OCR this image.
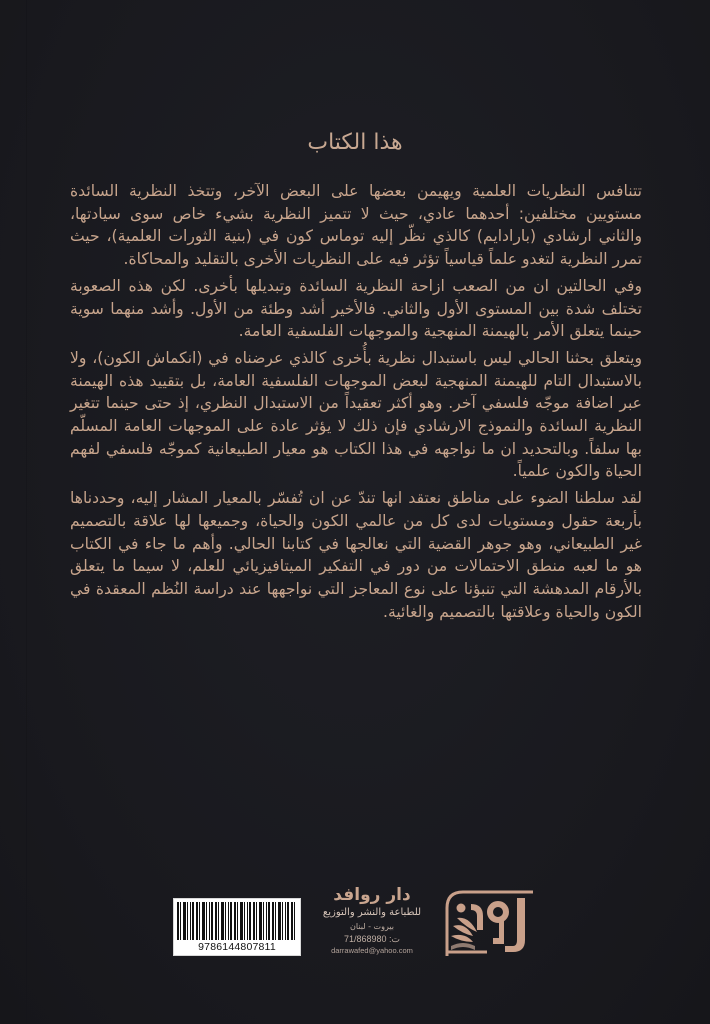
هذا الكتاب

تتنافس النظريات العلمية ويهيمن بعضها على البعض الآخر، وتتخذ النظرية السائدة مستويين مختلفين: أحدهما عادي، حيث لا تتميز النظرية بشيء خاص سوى سيادتها، والثاني ارشادي (بارادايم) كالذي نظّر إليه توماس كون في (بنية الثورات العلمية)، حيث تمرر النظرية لتغدو علماً قياسياً تؤثر فيه على النظريات الأخرى بالتقليد والمحاكاة.

وفي الحالتين ان من الصعب ازاحة النظرية السائدة وتبديلها بأخرى. لكن هذه الصعوبة تختلف شدة بين المستوى الأول والثاني. فالأخير أشد وطئة من الأول. وأشد منهما سوية حينما يتعلق الأمر بالهيمنة المنهجية والموجهات الفلسفية العامة.

ويتعلق بحثنا الحالي ليس باستبدال نظرية بأُخرى كالذي عرضناه في (انكماش الكون)، ولا بالاستبدال التام للهيمنة المنهجية لبعض الموجهات الفلسفية العامة، بل بتقييد هذه الهيمنة عبر اضافة موجّه فلسفي آخر. وهو أكثر تعقيداً من الاستبدال النظري، إذ حتى حينما تتغير النظرية السائدة والنموذج الارشادي فإن ذلك لا يؤثر عادة على الموجهات العامة المسلّم بها سلفاً. وبالتحديد ان ما نواجهه في هذا الكتاب هو معيار الطبيعانية كموجّه فلسفي لفهم الحياة والكون علمياً.

لقد سلطنا الضوء على مناطق نعتقد انها تندّ عن ان تُفسّر بالمعيار المشار إليه، وحددناها بأربعة حقول ومستويات لدى كل من عالمي الكون والحياة، وجميعها لها علاقة بالتصميم غير الطبيعاني، وهو جوهر القضية التي نعالجها في كتابنا الحالي. وأهم ما جاء في الكتاب هو ما لعبه منطق الاحتمالات من دور في التفكير الميتافيزيائي للعلم، لا سيما ما يتعلق بالأرقام المدهشة التي تنبؤنا على نوع المعاجز التي نواجهها عند دراسة النُظم المعقدة في الكون والحياة وعلاقتها بالتصميم والغائية.

9786144807811
دار روافد
للطباعة والنشر والتوزيع
بيروت - لبنان
ت: 71/868980
darrawafed@yahoo.com
